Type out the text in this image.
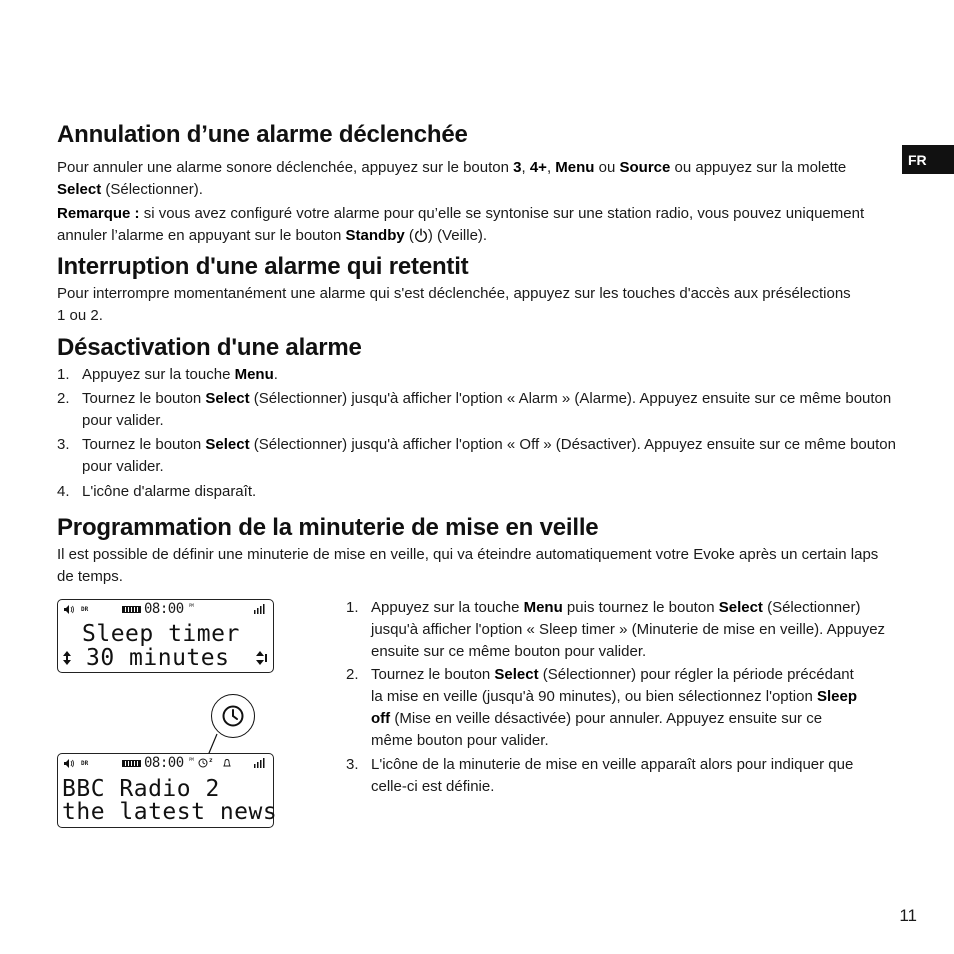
FR
Annulation d’une alarme déclenchée

Pour annuler une alarme sonore déclenchée, appuyez sur le bouton 3, 4+, Menu ou Source ou appuyez sur la molette Select (Sélectionner).

Remarque : si vous avez configuré votre alarme pour qu’elle se syntonise sur une station radio, vous pouvez uniquement annuler l’alarme en appuyant sur le bouton Standby ( ) (Veille).

Interruption d'une alarme qui retentit

Pour interrompre momentanément une alarme qui s'est déclenchée, appuyez sur les touches d'accès aux présélections 1 ou 2.

Désactivation d'une alarme
1. Appuyez sur la touche Menu.
2. Tournez le bouton Select (Sélectionner) jusqu'à afficher l'option « Alarm » (Alarme). Appuyez ensuite sur ce même bouton pour valider.
3. Tournez le bouton Select (Sélectionner) jusqu'à afficher l'option « Off » (Désactiver). Appuyez ensuite sur ce même bouton pour valider.
4. L'icône d'alarme disparaît.
Programmation de la minuterie de mise en veille

Il est possible de définir une minuterie de mise en veille, qui va éteindre automatiquement votre Evoke après un certain laps de temps.

1. Appuyez sur la touche Menu puis tournez le bouton Select (Sélectionner) jusqu'à afficher l'option « Sleep timer » (Minuterie de mise en veille). Appuyez ensuite sur ce même bouton pour valider.
2. Tournez le bouton Select (Sélectionner) pour régler la période précédant la mise en veille (jusqu'à 90 minutes), ou bien sélectionnez l'option Sleep off (Mise en veille désactivée) pour annuler. Appuyez ensuite sur ce même bouton pour valider.
3. L'icône de la minuterie de mise en veille apparaît alors pour indiquer que celle-ci est définie.
DR	08:00 PM
Sleep timer
30 minutes
DR	08:00 PM	z
BBC Radio 2
the latest news
11
